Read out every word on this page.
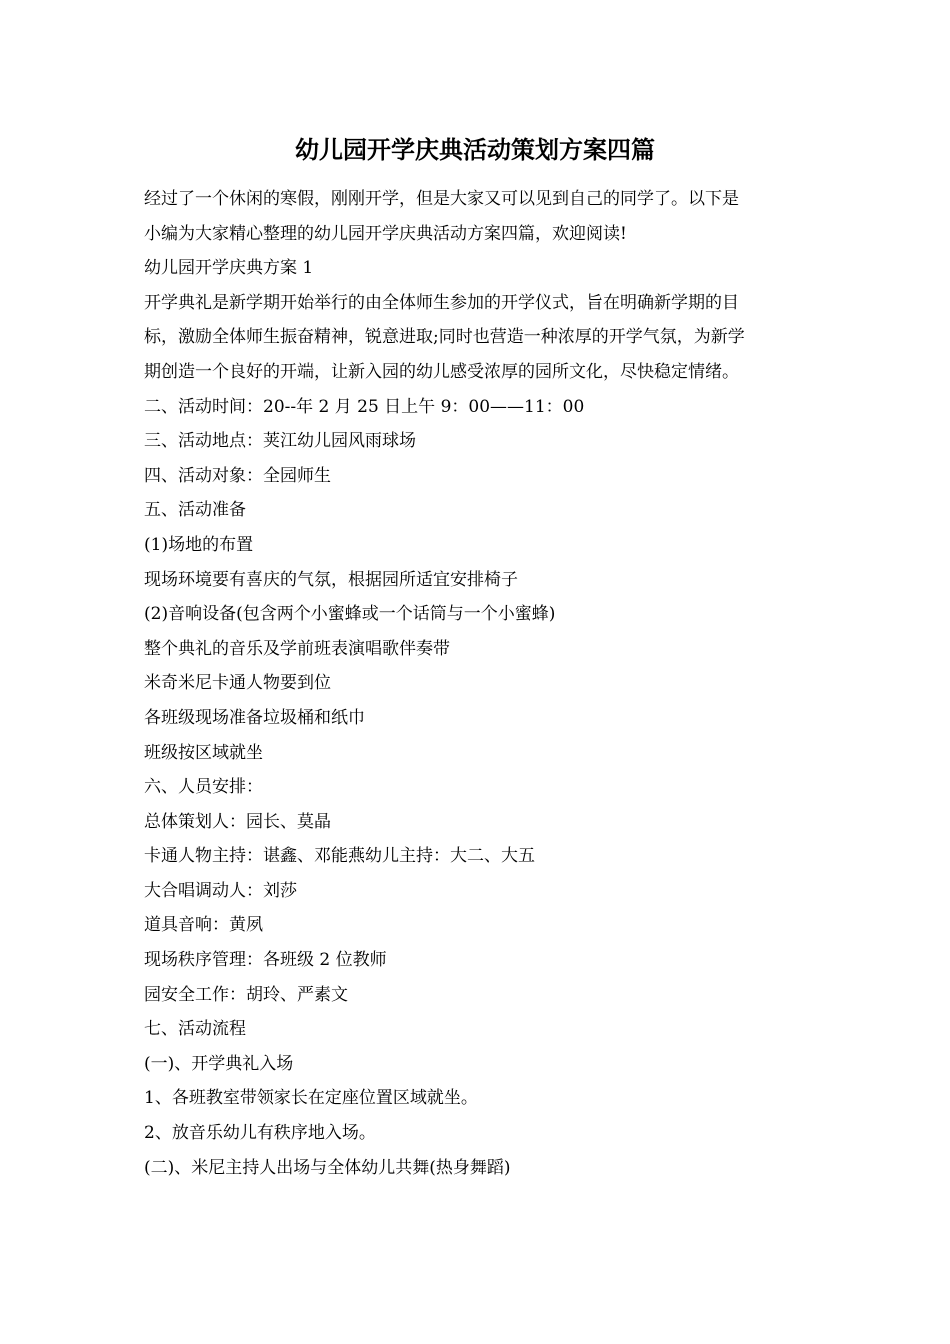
幼儿园开学庆典活动策划方案四篇

经过了一个休闲的寒假，刚刚开学，但是大家又可以见到自己的同学了。以下是

小编为大家精心整理的幼儿园开学庆典活动方案四篇，欢迎阅读!

幼儿园开学庆典方案 1

开学典礼是新学期开始举行的由全体师生参加的开学仪式，旨在明确新学期的目

标，激励全体师生振奋精神，锐意进取;同时也营造一种浓厚的开学气氛，为新学

期创造一个良好的开端，让新入园的幼儿感受浓厚的园所文化，尽快稳定情绪。

二、活动时间：20--年 2 月 25 日上午 9：00——11：00

三、活动地点：荚江幼儿园风雨球场

四、活动对象：全园师生

五、活动准备

(1)场地的布置

现场环境要有喜庆的气氛，根据园所适宜安排椅子

(2)音响设备(包含两个小蜜蜂或一个话筒与一个小蜜蜂)

整个典礼的音乐及学前班表演唱歌伴奏带

米奇米尼卡通人物要到位

各班级现场准备垃圾桶和纸巾

班级按区域就坐

六、人员安排：

总体策划人：园长、莫晶

卡通人物主持：谌鑫、邓能燕幼儿主持：大二、大五

大合唱调动人：刘莎

道具音响：黄夙

现场秩序管理：各班级 2 位教师

园安全工作：胡玲、严素文

七、活动流程

(一)、开学典礼入场

1、各班教室带领家长在定座位置区域就坐。

2、放音乐幼儿有秩序地入场。

(二)、米尼主持人出场与全体幼儿共舞(热身舞蹈)
